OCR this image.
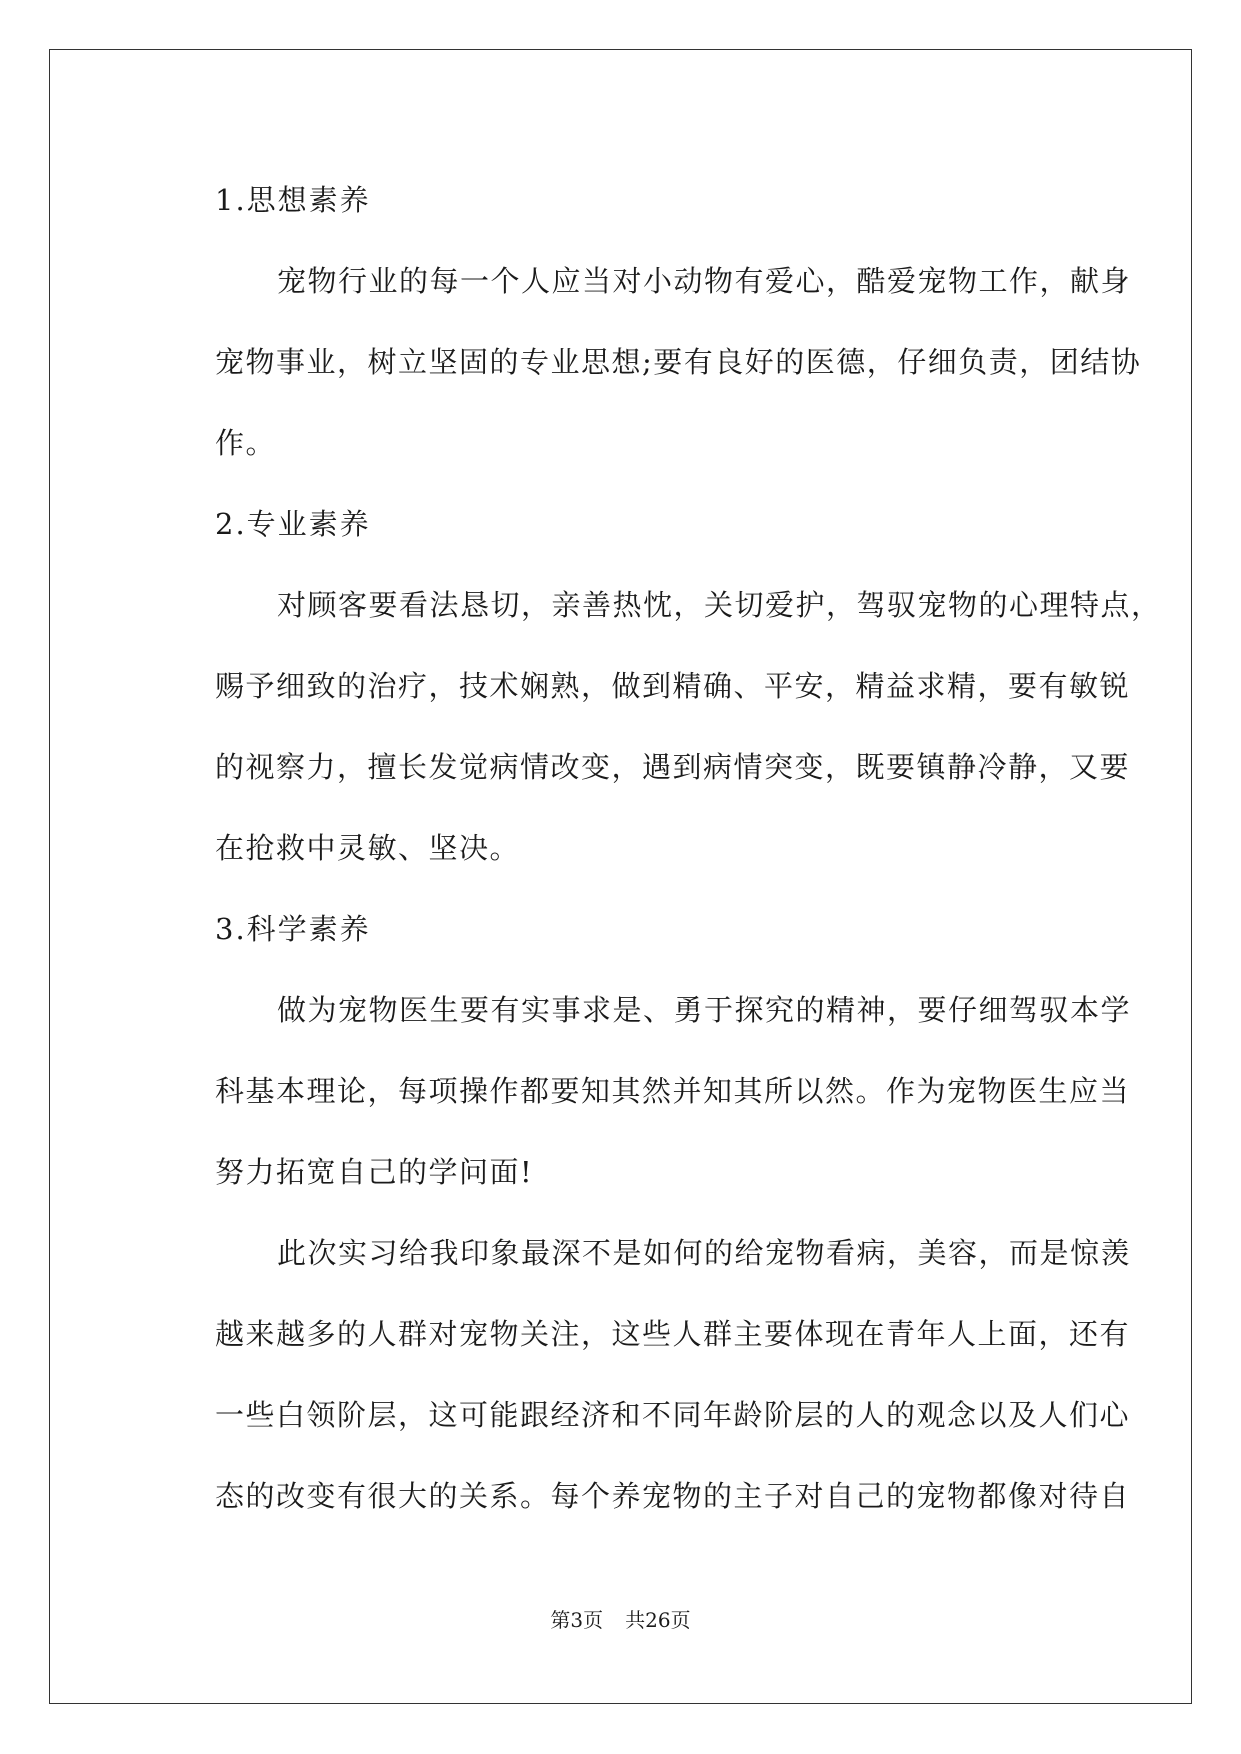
1.思想素养

宠物行业的每一个人应当对小动物有爱心，酷爱宠物工作，献身
宠物事业，树立坚固的专业思想;要有良好的医德，仔细负责，团结协
作。

2.专业素养

对顾客要看法恳切，亲善热忱，关切爱护，驾驭宠物的心理特点，
赐予细致的治疗，技术娴熟，做到精确、平安，精益求精，要有敏锐
的视察力，擅长发觉病情改变，遇到病情突变，既要镇静冷静，又要
在抢救中灵敏、坚决。

3.科学素养

做为宠物医生要有实事求是、勇于探究的精神，要仔细驾驭本学
科基本理论，每项操作都要知其然并知其所以然。作为宠物医生应当
努力拓宽自己的学问面!
此次实习给我印象最深不是如何的给宠物看病，美容，而是惊羡
越来越多的人群对宠物关注，这些人群主要体现在青年人上面，还有
一些白领阶层，这可能跟经济和不同年龄阶层的人的观念以及人们心
态的改变有很大的关系。每个养宠物的主子对自己的宠物都像对待自
第3页 共26页
